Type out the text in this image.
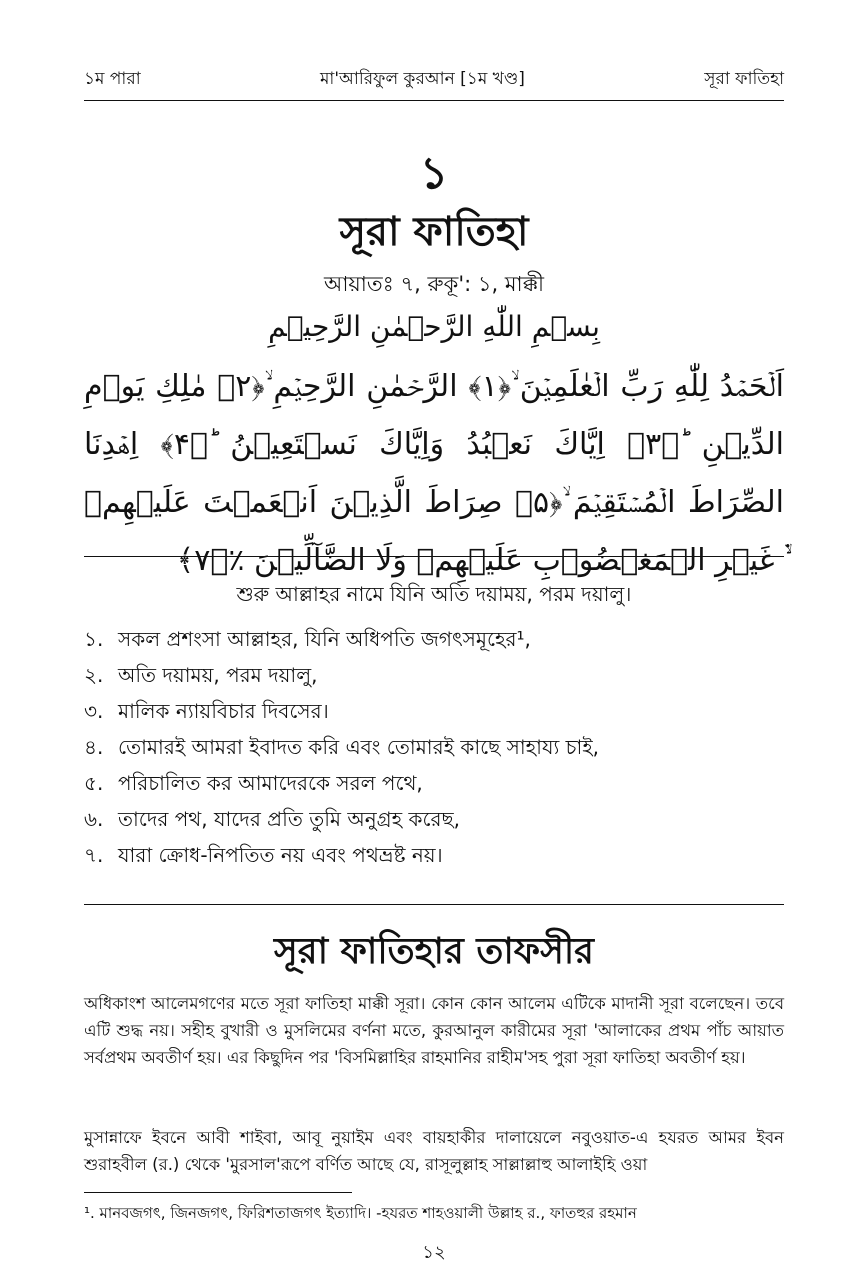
১ম পারা	মা'আরিফুল কুরআন [১ম খণ্ড]	সূরা ফাতিহা
১
সূরা ফাতিহা
আয়াতঃ ৭, রুকূ': ১, মাক্কী
بِسۡمِ اللّٰهِ الرَّحۡمٰنِ الرَّحِیۡمِ
اَلۡحَمۡدُ لِلّٰهِ رَبِّ الۡعٰلَمِیۡنَ ۙ﴿۱﴾ الرَّحۡمٰنِ الرَّحِیۡمِ ۙ﴿۲﴾ مٰلِكِ یَوۡمِ الدِّیۡنِ ؕ﴿۳﴾ اِیَّاكَ نَعۡبُدُ وَاِیَّاكَ نَسۡتَعِیۡنُ ؕ﴿۴﴾ اِهۡدِنَا الصِّرَاطَ الۡمُسۡتَقِیۡمَ ۙ﴿۵﴾ صِرَاطَ الَّذِیۡنَ اَنۡعَمۡتَ عَلَیۡهِمۡ ۙ۬ غَیۡرِ الۡمَغۡضُوۡبِ عَلَیۡهِمۡ وَلَا الضَّآلِّیۡنَ ٪﴿۷﴾
শুরু আল্লাহর নামে যিনি অতি দয়াময়, পরম দয়ালু।
১. সকল প্রশংসা আল্লাহর, যিনি অধিপতি জগৎসমূহের¹,
২. অতি দয়াময়, পরম দয়ালু,
৩. মালিক ন্যায়বিচার দিবসের।
৪. তোমারই আমরা ইবাদত করি এবং তোমারই কাছে সাহায্য চাই,
৫. পরিচালিত কর আমাদেরকে সরল পথে,
৬. তাদের পথ, যাদের প্রতি তুমি অনুগ্রহ করেছ,
৭. যারা ক্রোধ-নিপতিত নয় এবং পথভ্রষ্ট নয়।
সূরা ফাতিহার তাফসীর
অধিকাংশ আলেমগণের মতে সূরা ফাতিহা মাক্কী সূরা। কোন কোন আলেম এটিকে মাদানী সূরা বলেছেন। তবে এটি শুদ্ধ নয়। সহীহ বুখারী ও মুসলিমের বর্ণনা মতে, কুরআনুল কারীমের সূরা 'আলাকের প্রথম পাঁচ আয়াত সর্বপ্রথম অবতীর্ণ হয়। এর কিছুদিন পর 'বিসমিল্লাহির রাহমানির রাহীম'সহ পুরা সূরা ফাতিহা অবতীর্ণ হয়।
মুসান্নাফে ইবনে আবী শাইবা, আবূ নুয়াইম এবং বায়হাকীর দালায়েলে নবুওয়াত-এ হযরত আমর ইবন শুরাহবীল (র.) থেকে 'মুরসাল'রূপে বর্ণিত আছে যে, রাসূলুল্লাহ সাল্লাল্লাহু আলাইহি ওয়া
¹. মানবজগৎ, জিনজগৎ, ফিরিশতাজগৎ ইত্যাদি। -হযরত শাহওয়ালী উল্লাহ র., ফাতহুর রহমান
১২
